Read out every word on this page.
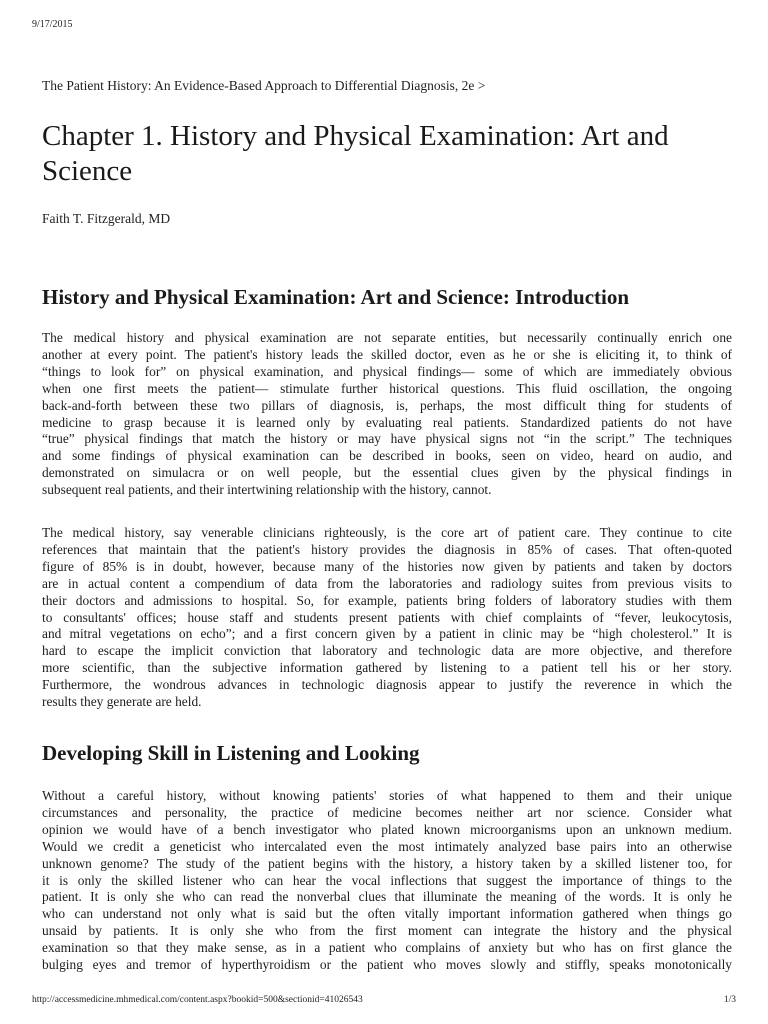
9/17/2015
The Patient History: An Evidence-Based Approach to Differential Diagnosis, 2e >
Chapter 1. History and Physical Examination: Art and Science
Faith T. Fitzgerald, MD
History and Physical Examination: Art and Science: Introduction

The medical history and physical examination are not separate entities, but necessarily continually enrich one
another at every point. The patient's history leads the skilled doctor, even as he or she is eliciting it, to think of
“things to look for” on physical examination, and physical findings— some of which are immediately obvious
when one first meets the patient— stimulate further historical questions. This fluid oscillation, the ongoing
back-and-forth between these two pillars of diagnosis, is, perhaps, the most difficult thing for students of
medicine to grasp because it is learned only by evaluating real patients. Standardized patients do not have
“true” physical findings that match the history or may have physical signs not “in the script.” The techniques
and some findings of physical examination can be described in books, seen on video, heard on audio, and
demonstrated on simulacra or on well people, but the essential clues given by the physical findings in
subsequent real patients, and their intertwining relationship with the history, cannot.

The medical history, say venerable clinicians righteously, is the core art of patient care. They continue to cite
references that maintain that the patient's history provides the diagnosis in 85% of cases. That often-quoted
figure of 85% is in doubt, however, because many of the histories now given by patients and taken by doctors
are in actual content a compendium of data from the laboratories and radiology suites from previous visits to
their doctors and admissions to hospital. So, for example, patients bring folders of laboratory studies with them
to consultants' offices; house staff and students present patients with chief complaints of “fever, leukocytosis,
and mitral vegetations on echo”; and a first concern given by a patient in clinic may be “high cholesterol.” It is
hard to escape the implicit conviction that laboratory and technologic data are more objective, and therefore
more scientific, than the subjective information gathered by listening to a patient tell his or her story.
Furthermore, the wondrous advances in technologic diagnosis appear to justify the reverence in which the
results they generate are held.

Developing Skill in Listening and Looking

Without a careful history, without knowing patients' stories of what happened to them and their unique
circumstances and personality, the practice of medicine becomes neither art nor science. Consider what
opinion we would have of a bench investigator who plated known microorganisms upon an unknown medium.
Would we credit a geneticist who intercalated even the most intimately analyzed base pairs into an otherwise
unknown genome? The study of the patient begins with the history, a history taken by a skilled listener too, for
it is only the skilled listener who can hear the vocal inflections that suggest the importance of things to the
patient. It is only she who can read the nonverbal clues that illuminate the meaning of the words. It is only he
who can understand not only what is said but the often vitally important information gathered when things go
unsaid by patients. It is only she who from the first moment can integrate the history and the physical
examination so that they make sense, as in a patient who complains of anxiety but who has on first glance the
bulging eyes and tremor of hyperthyroidism or the patient who moves slowly and stiffly, speaks monotonically

http://accessmedicine.mhmedical.com/content.aspx?bookid=500&sectionid=41026543	1/3
